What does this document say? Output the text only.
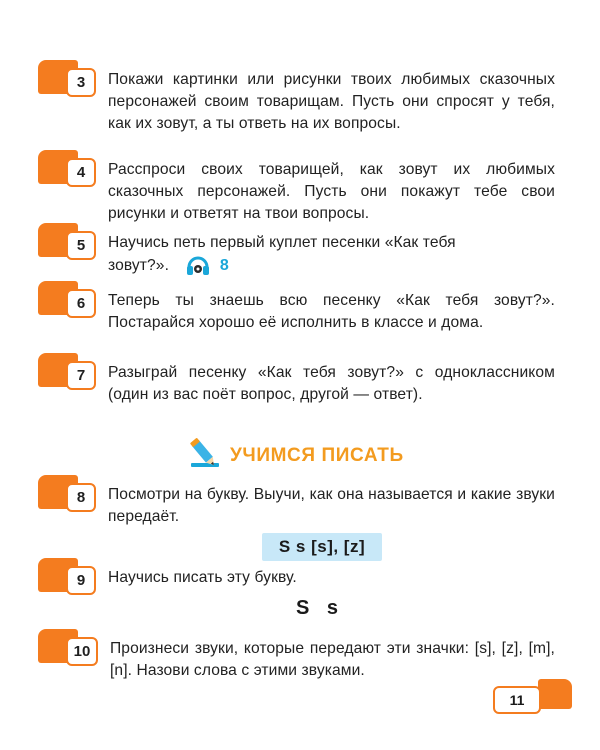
3	Покажи картинки или рисунки твоих любимых сказочных персонажей своим товарищам. Пусть они спросят у тебя, как их зовут, а ты ответь на их вопросы.
4	Расспроси своих товарищей, как зовут их любимых сказочных персонажей. Пусть они покажут тебе свои рисунки и ответят на твои вопросы.
5	Научись петь первый куплет песенки «Как тебя
зовут?».	8
6	Теперь ты знаешь всю песенку «Как тебя зовут?». Постарайся хорошо её исполнить в классе и дома.
7	Разыграй песенку «Как тебя зовут?» с одноклассником (один из вас поёт вопрос, другой — ответ).
УЧИМСЯ ПИСАТЬ
8	Посмотри на букву. Выучи, как она называется и какие звуки передаёт.
S s [s], [z]
9	Научись писать эту букву.
S s
10	Произнеси звуки, которые передают эти значки: [s], [z], [m], [n]. Назови слова с этими звуками.
11
